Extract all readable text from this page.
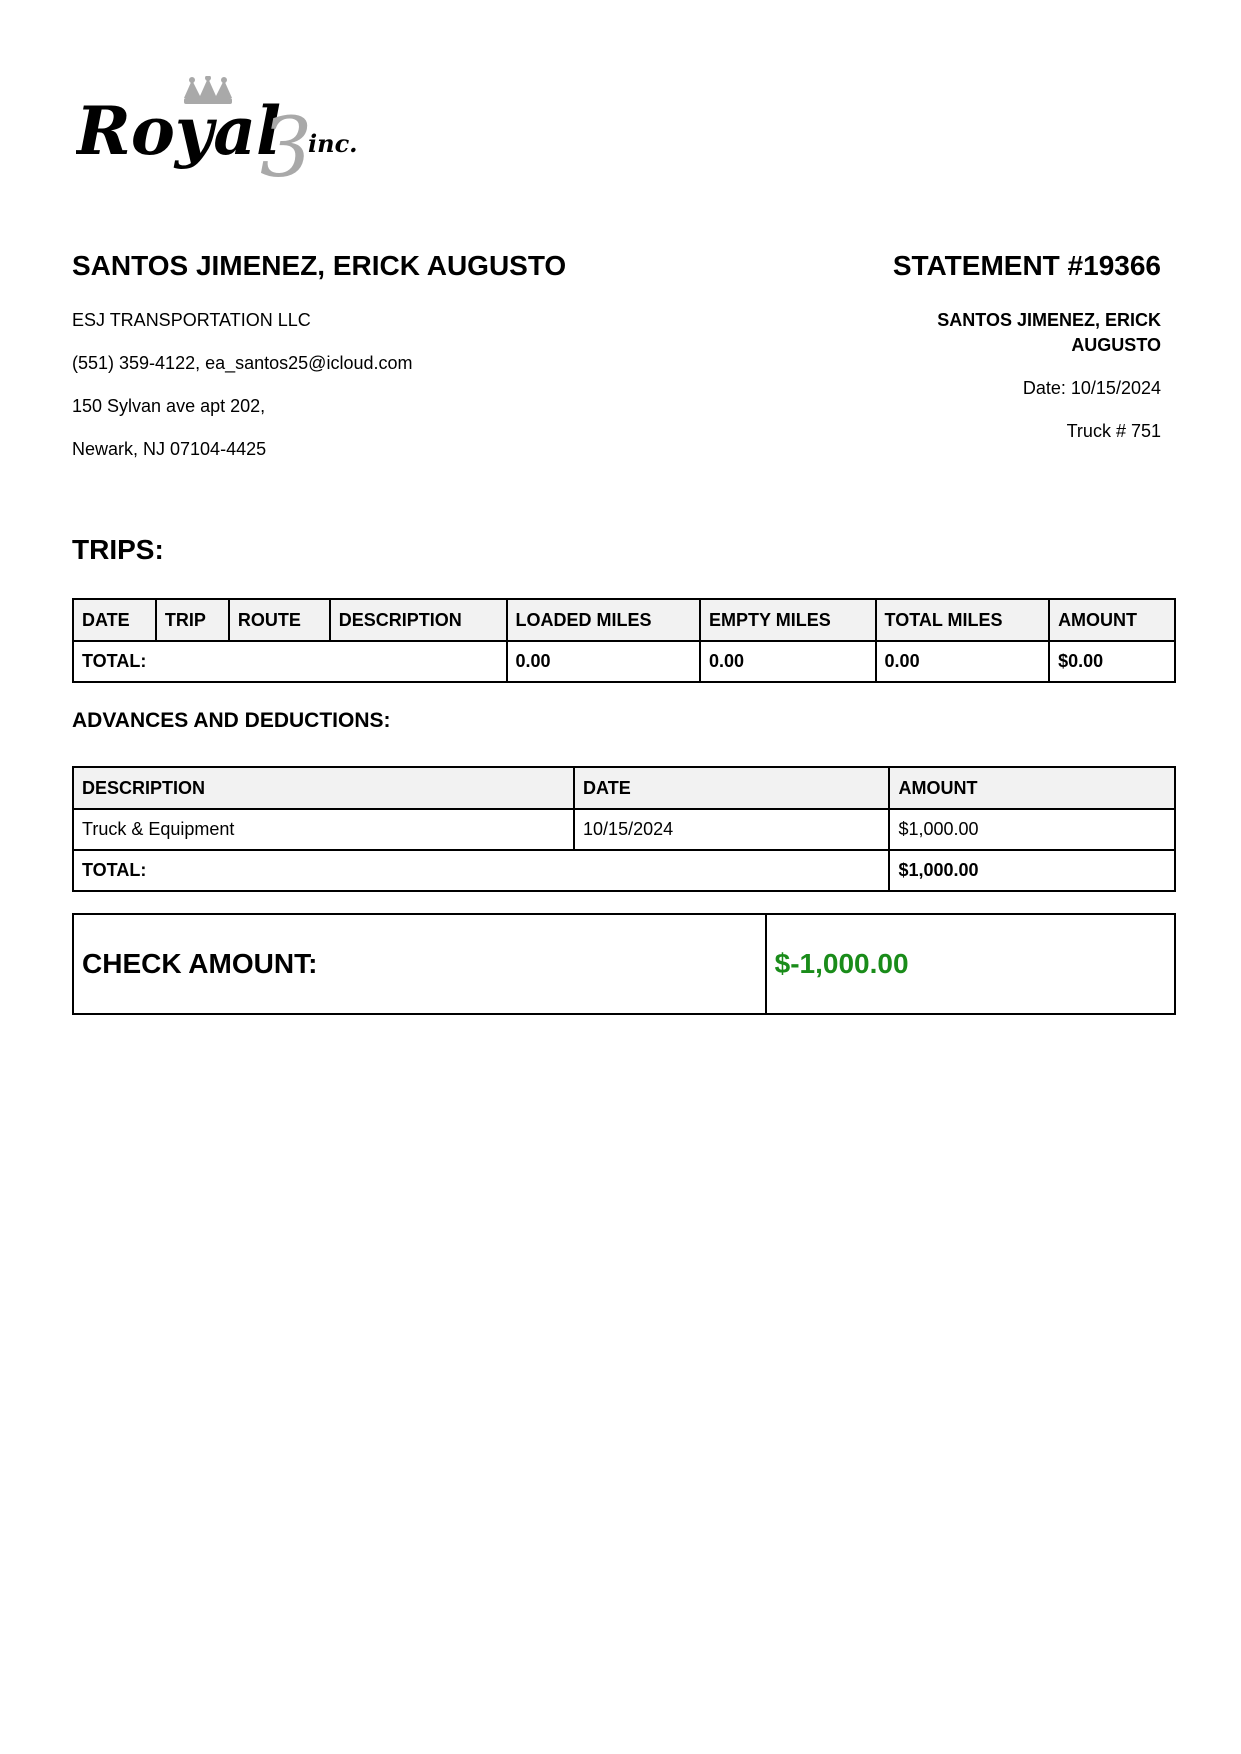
Royal
3
inc.
SANTOS JIMENEZ, ERICK AUGUSTO
ESJ TRANSPORTATION LLC
(551) 359-4122, ea_santos25@icloud.com
150 Sylvan ave apt 202,
Newark, NJ 07104-4425
STATEMENT #19366
SANTOS JIMENEZ, ERICK
AUGUSTO
Date: 10/15/2024
Truck # 751
TRIPS:
DATE	TRIP	ROUTE	DESCRIPTION	LOADED MILES	EMPTY MILES	TOTAL MILES	AMOUNT
TOTAL:				0.00	0.00	0.00	$0.00
ADVANCES AND DEDUCTIONS:
DESCRIPTION	DATE	AMOUNT
Truck & Equipment	10/15/2024	$1,000.00
TOTAL:		$1,000.00
CHECK AMOUNT:	$-1,000.00
